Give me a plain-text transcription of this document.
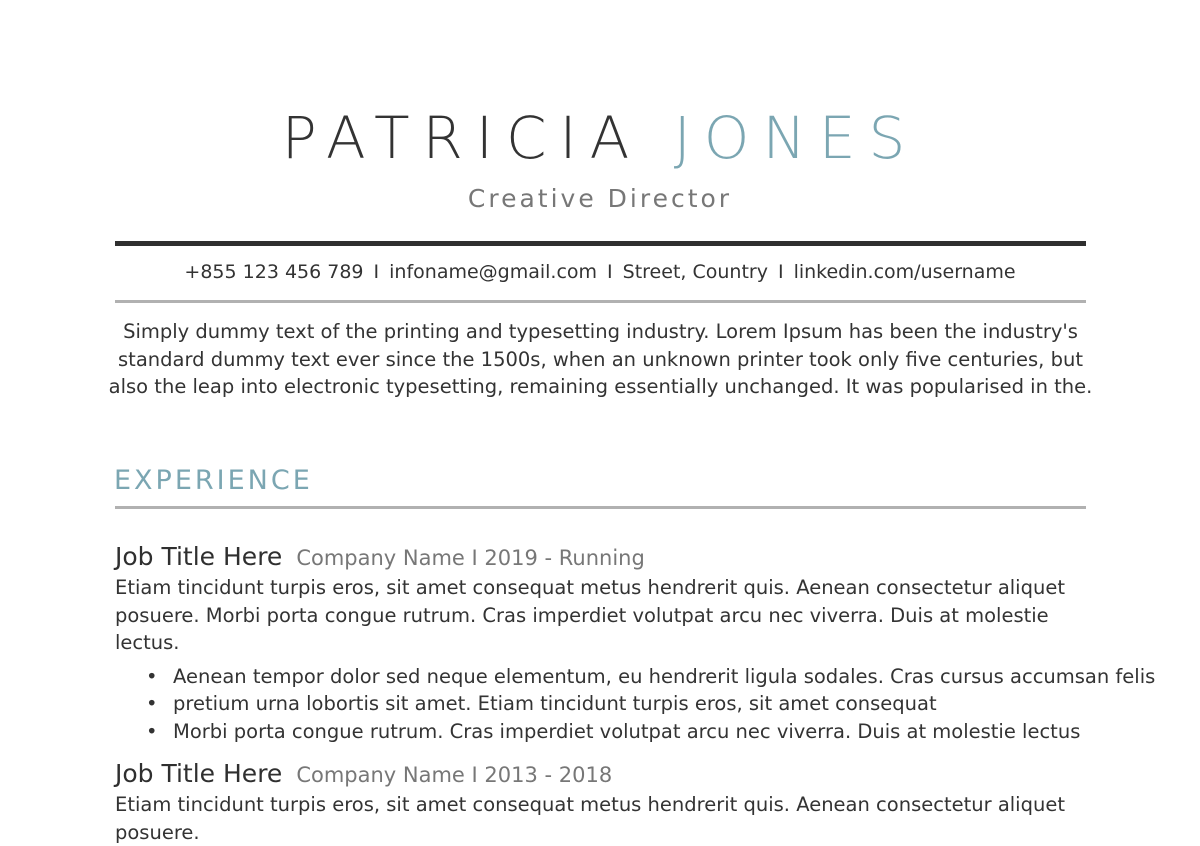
PATRICIA JONES
Creative Director
+855 123 456 789 I infoname@gmail.com I Street, Country I linkedin.com/username
Simply dummy text of the printing and typesetting industry. Lorem Ipsum has been the industry's standard dummy text ever since the 1500s, when an unknown printer took only five centuries, but also the leap into electronic typesetting, remaining essentially unchanged. It was popularised in the.
EXPERIENCE
Job Title Here Company Name I 2019 - Running
Etiam tincidunt turpis eros, sit amet consequat metus hendrerit quis. Aenean consectetur aliquet posuere. Morbi porta congue rutrum. Cras imperdiet volutpat arcu nec viverra. Duis at molestie lectus.
• Aenean tempor dolor sed neque elementum, eu hendrerit ligula sodales. Cras cursus accumsan felis
• pretium urna lobortis sit amet. Etiam tincidunt turpis eros, sit amet consequat
• Morbi porta congue rutrum. Cras imperdiet volutpat arcu nec viverra. Duis at molestie lectus
Job Title Here Company Name I 2013 - 2018
Etiam tincidunt turpis eros, sit amet consequat metus hendrerit quis. Aenean consectetur aliquet posuere.
